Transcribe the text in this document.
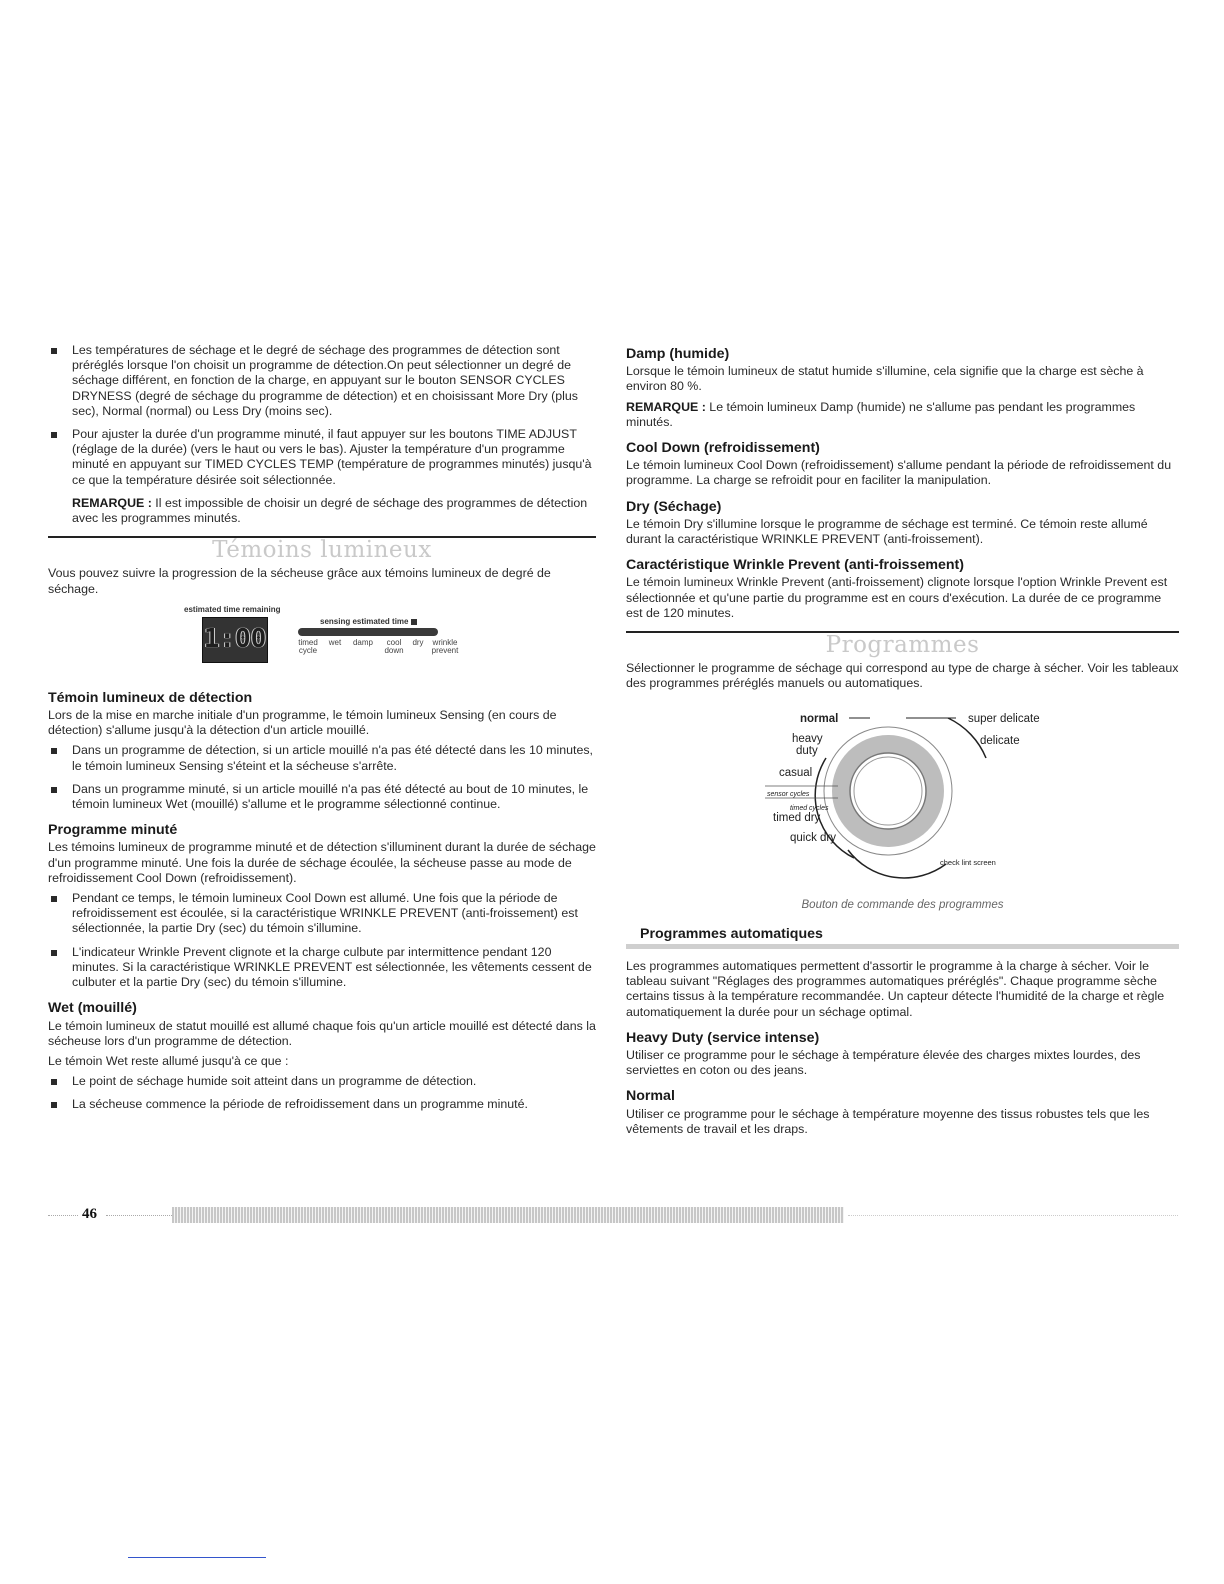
Les températures de séchage et le degré de séchage des programmes de détection sont préréglés lorsque l'on choisit un programme de détection.On peut sélectionner un degré de séchage différent, en fonction de la charge, en appuyant sur le bouton SENSOR CYCLES DRYNESS (degré de séchage du programme de détection) et en choisissant More Dry (plus sec), Normal (normal) ou Less Dry (moins sec).
Pour ajuster la durée d'un programme minuté, il faut appuyer sur les boutons TIME ADJUST (réglage de la durée) (vers le haut ou vers le bas). Ajuster la température d'un programme minuté en appuyant sur TIMED CYCLES TEMP (température de programmes minutés) jusqu'à ce que la température désirée soit sélectionnée.

REMARQUE : Il est impossible de choisir un degré de séchage des programmes de détection avec les programmes minutés.

Témoins lumineux

Vous pouvez suivre la progression de la sécheuse grâce aux témoins lumineux de degré de séchage.

estimated time remaining
1:00
sensing estimated time
timed
cycle
wet	damp	cool
down
dry	wrinkle
prevent
Témoin lumineux de détection

Lors de la mise en marche initiale d'un programme, le témoin lumineux Sensing (en cours de détection) s'allume jusqu'à la détection d'un article mouillé.

Dans un programme de détection, si un article mouillé n'a pas été détecté dans les 10 minutes, le témoin lumineux Sensing s'éteint et la sécheuse s'arrête.
Dans un programme minuté, si un article mouillé n'a pas été détecté au bout de 10 minutes, le témoin lumineux Wet (mouillé) s'allume et le programme sélectionné continue.
Programme minuté

Les témoins lumineux de programme minuté et de détection s'illuminent durant la durée de séchage d'un programme minuté. Une fois la durée de séchage écoulée, la sécheuse passe au mode de refroidissement Cool Down (refroidissement).

Pendant ce temps, le témoin lumineux Cool Down est allumé. Une fois que la période de refroidissement est écoulée, si la caractéristique WRINKLE PREVENT (anti-froissement) est sélectionnée, la partie Dry (sec) du témoin s'illumine.
L'indicateur Wrinkle Prevent clignote et la charge culbute par intermittence pendant 120 minutes. Si la caractéristique WRINKLE PREVENT est sélectionnée, les vêtements cessent de culbuter et la partie Dry (sec) du témoin s'illumine.
Wet (mouillé)

Le témoin lumineux de statut mouillé est allumé chaque fois qu'un article mouillé est détecté dans la sécheuse lors d'un programme de détection.

Le témoin Wet reste allumé jusqu'à ce que :

Le point de séchage humide soit atteint dans un programme de détection.
La sécheuse commence la période de refroidissement dans un programme minuté.
Damp (humide)

Lorsque le témoin lumineux de statut humide s'illumine, cela signifie que la charge est sèche à environ 80 %.

REMARQUE : Le témoin lumineux Damp (humide) ne s'allume pas pendant les programmes minutés.

Cool Down (refroidissement)

Le témoin lumineux Cool Down (refroidissement) s'allume pendant la période de refroidissement du programme. La charge se refroidit pour en faciliter la manipulation.

Dry (Séchage)

Le témoin Dry s'illumine lorsque le programme de séchage est terminé. Ce témoin reste allumé durant la caractéristique WRINKLE PREVENT (anti-froissement).

Caractéristique Wrinkle Prevent (anti-froissement)

Le témoin lumineux Wrinkle Prevent (anti-froissement) clignote lorsque l'option Wrinkle Prevent est sélectionnée et qu'une partie du programme est en cours d'exécution. La durée de ce programme est de 120 minutes.

Programmes

Sélectionner le programme de séchage qui correspond au type de charge à sécher. Voir les tableaux des programmes préréglés manuels ou automatiques.

normal
heavy
duty
casual
sensor cycles
timed cycles
timed dry
quick dry
super delicate
delicate
check lint screen

Bouton de commande des programmes

Programmes automatiques

Les programmes automatiques permettent d'assortir le programme à la charge à sécher. Voir le tableau suivant "Réglages des programmes automatiques préréglés". Chaque programme sèche certains tissus à la température recommandée. Un capteur détecte l'humidité de la charge et règle automatiquement la durée pour un séchage optimal.

Heavy Duty (service intense)

Utiliser ce programme pour le séchage à température élevée des charges mixtes lourdes, des serviettes en coton ou des jeans.

Normal

Utiliser ce programme pour le séchage à température moyenne des tissus robustes tels que les vêtements de travail et les draps.

46
